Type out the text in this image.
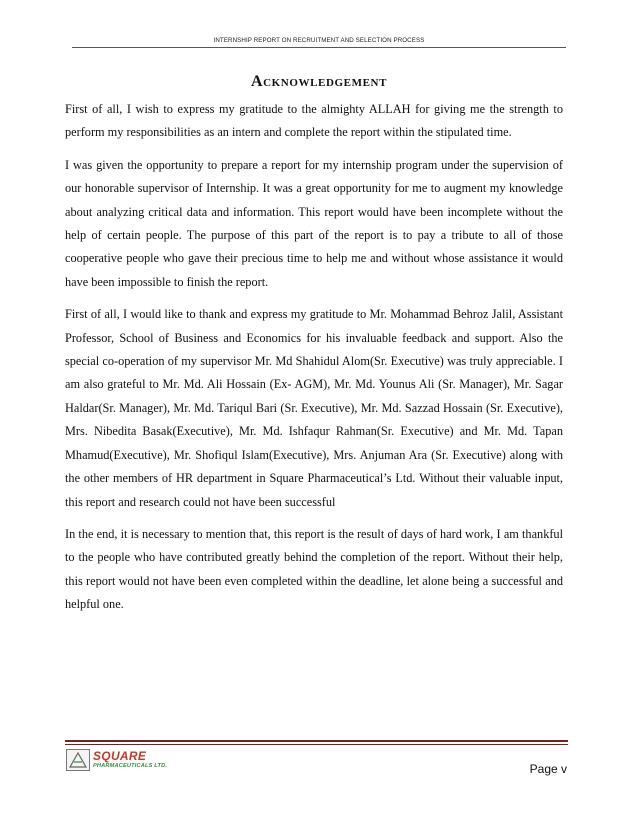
INTERNSHIP REPORT ON RECRUITMENT AND SELECTION PROCESS
Acknowledgement

First of all, I wish to express my gratitude to the almighty ALLAH for giving me the strength to perform my responsibilities as an intern and complete the report within the stipulated time.

I was given the opportunity to prepare a report for my internship program under the supervision of our honorable supervisor of Internship. It was a great opportunity for me to augment my knowledge about analyzing critical data and information. This report would have been incomplete without the help of certain people. The purpose of this part of the report is to pay a tribute to all of those cooperative people who gave their precious time to help me and without whose assistance it would have been impossible to finish the report.

First of all, I would like to thank and express my gratitude to Mr. Mohammad Behroz Jalil, Assistant Professor, School of Business and Economics for his invaluable feedback and support. Also the special co-operation of my supervisor Mr. Md Shahidul Alom(Sr. Executive) was truly appreciable. I am also grateful to Mr. Md. Ali Hossain (Ex- AGM), Mr. Md. Younus Ali (Sr. Manager), Mr. Sagar Haldar(Sr. Manager), Mr. Md. Tariqul Bari (Sr. Executive), Mr. Md. Sazzad Hossain (Sr. Executive), Mrs. Nibedita Basak(Executive), Mr. Md. Ishfaqur Rahman(Sr. Executive) and Mr. Md. Tapan Mhamud(Executive), Mr. Shofiqul Islam(Executive), Mrs. Anjuman Ara (Sr. Executive) along with the other members of HR department in Square Pharmaceutical’s Ltd. Without their valuable input, this report and research could not have been successful

In the end, it is necessary to mention that, this report is the result of days of hard work, I am thankful to the people who have contributed greatly behind the completion of the report. Without their help, this report would not have been even completed within the deadline, let alone being a successful and helpful one.

SQUARE
PHARMACEUTICALS LTD.	Page v
